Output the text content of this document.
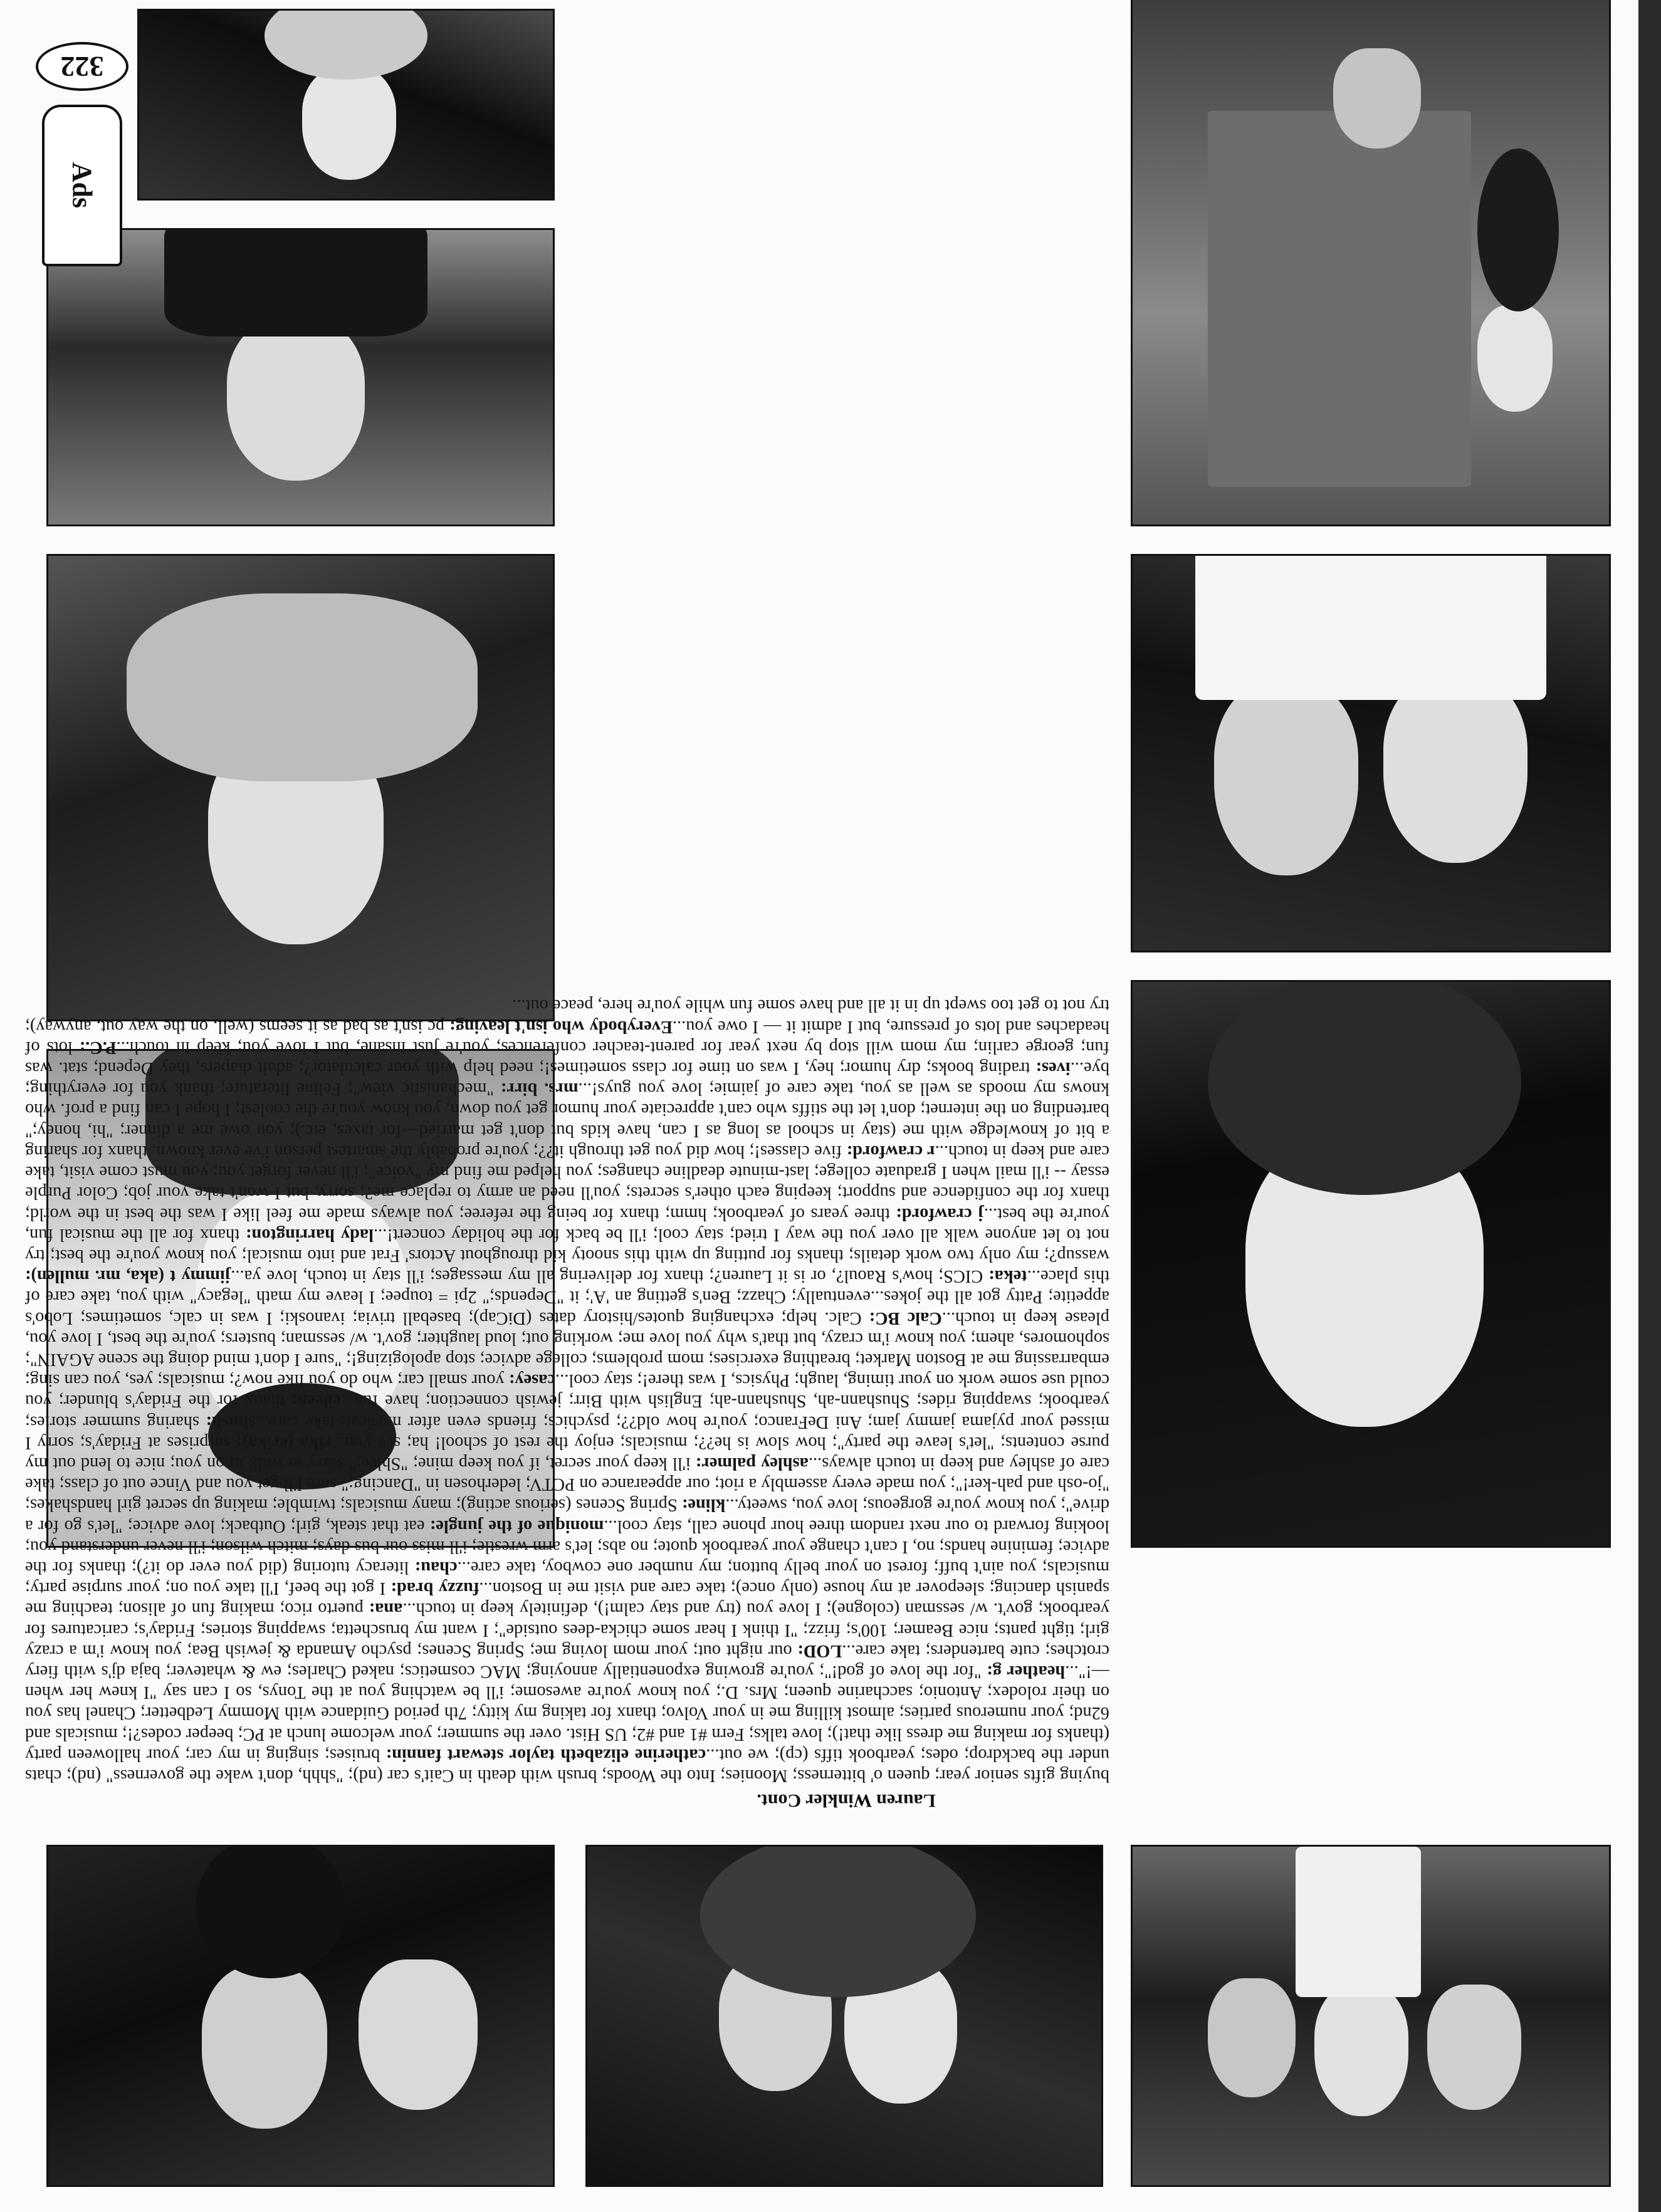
Lauren Winkler Cont.
buying gifts senior year; queen o' bitterness; Moonies; Into the Woods; brush with death in Cait's car (nd); "shhh, don't wake the governess" (nd); chats under the backdrop; odes; yearbook tiffs (cp); we out...catherine elizabeth taylor stewart fannin: bruises; singing in my car; your halloween party (thanks for making me dress like that!); love talks; Fern #1 and #2; US Hist. over the summer; your welcome lunch at PC; beeper codes?!; musicals and 62nd; your numerous parties; almost killing me in your Volvo; thanx for taking my kitty; 7th period Guidance with Mommy Ledbetter; Chanel has you on their rolodex; Antonio; saccharine queen; Mrs. D.; you know you're awesome; i'll be watching you at the Tonys, so I can say "I knew her when—!"...heather g: "for the love of god!"; you're growing exponentially annoying; MAC cosmetics; naked Charles; ew & whatever; baja dj's with fiery crotches; cute bartenders; take care...LOD: our night out; your mom loving me; Spring Scenes; psycho Amanda & jewish Bea; you know i'm a crazy girl; tight pants; nice Beamer; 100's; frizz; "I think I hear some chicka-dees outside"; I want my bruschetta; swapping stories; Friday's; caricatures for yearbook; gov't. w/ sessman (cologne); I love you (try and stay calm!), definitely keep in touch...ana: puerto rico; making fun of alison; teaching me spanish dancing; sleepover at my house (only once); take care and visit me in Boston...fuzzy brad: I got the beef, I'll take you on; your surpise party; musicals; you ain't buff; forest on your belly button; my number one cowboy, take care...chau: literacy tutoring (did you ever do it?); thanks for the advice; feminine hands; no, I can't change your yearbook quote; no abs; let's arm wrestle; i'll miss our bus days; mitch wilson; i'll never understand you; looking forward to our next random three hour phone call, stay cool...monique of the jungle: eat that steak, girl; Outback; love advice; "let's go for a drive"; you know you're gorgeous; love you, sweety...kline: Spring Scenes (serious acting); many musicals; twimble; making up secret girl handshakes; "jo-osh and pah-ker!"; you made every assembly a riot; our appearance on PCTV; lederhosen in "Dancing;" sure I'll get you and Vince out of class; take care of ashley and keep in touch always...ashley palmer: i'll keep your secret, if you keep mine; "Shlee;" sorry to walk in on you; nice to lend out my purse contents; "let's leave the party"; how slow is he??; musicals; enjoy the rest of school! ha; see you...rika (erika): surprises at Friday's; sorry I missed your pyjama jammy jam; Ani DeFranco; you're how old??; psychics; friends even after musical; take care...shush: sharing summer stories; yearbook; swapping rides; Shushann-ah, Shushann-ah; English with Birr; jewish connection; have fun...eileen: thanx for the Friday's blunder; you could use some work on your timing, laugh; Physics, I was there!; stay cool...casey: your small car; who do you like now?; musicals; yes, you can sing; embarrassing me at Boston Market; breathing exercises; mom problems; college advice; stop apologizing!; "sure I don't mind doing the scene AGAIN"; sophomores, ahem; you know i'm crazy, but that's why you love me; working out; loud laughter; gov't. w/ sessman; busters; you're the best, I love you, please keep in touch...Calc BC: Calc. help; exchanging quotes/history dates (DiCap); baseball trivia; ivanoski; I was in calc, sometimes; Lobo's appetite; Patty got all the jokes...eventually; Chazz; Ben's getting an 'A'; it "Depends;" 2pi = toupee; I leave my math "legacy" with you, take care of this place...teka: CICS; how's Raoul?, or is it Lauren?; thanx for delivering all my messages; i'll stay in touch, love ya...jimmy t (aka, mr. mullen): wassup?; my only two work details; thanks for putting up with this snooty kid throughout Actors' Frat and into musical; you know you're the best; try not to let anyone walk all over you the way I tried; stay cool; i'll be back for the holiday concert!...lady harrington: thanx for all the musical fun, your're the best...j crawford: three years of yearbook; hmm; thanx for being the referee; you always made me feel like I was the best in the world; thanx for the confidence and support; keeping each other's secrets; you'll need an army to replace me?; sorry, but I won't take your job; Color Purple essay -- i'll mail when I graduate college; last-minute deadline changes; you helped me find my "voice"; i'll never forget you; you must come visit, take care and keep in touch...r crawford: five classes!; how did you get through it??; you're probably the smartest person i've ever known, thanx for sharing a bit of knowledge with me (stay in school as long as I can, have kids but don't get married—for taxes, etc.); you owe me a dinner; "hi, honey;" bartending on the internet; don't let the stiffs who can't appreciate your humor get you down, you know you're the coolest; I hope I can find a prof. who knows my moods as well as you, take care of jaimie; love you guys!...mrs. birr: "mechanistic view"; Feline literature; thank you for everything; bye...ives: trading books; dry humor; hey, I was on time for class sometimes!; need help with your calculator?; adult diapers, they Depend; stat. was fun; george carlin; my mom will stop by next year for parent-teacher conferences; you're just insane, but I love you; keep in touch...P.C.: lots of headaches and lots of pressure, but I admit it — I owe you...Everybody who isn't leaving: pc isn't as bad as it seems (well, on the way out, anyway); try not to get too swept up in it all and have some fun while you're here, peace out...
Ads
322
